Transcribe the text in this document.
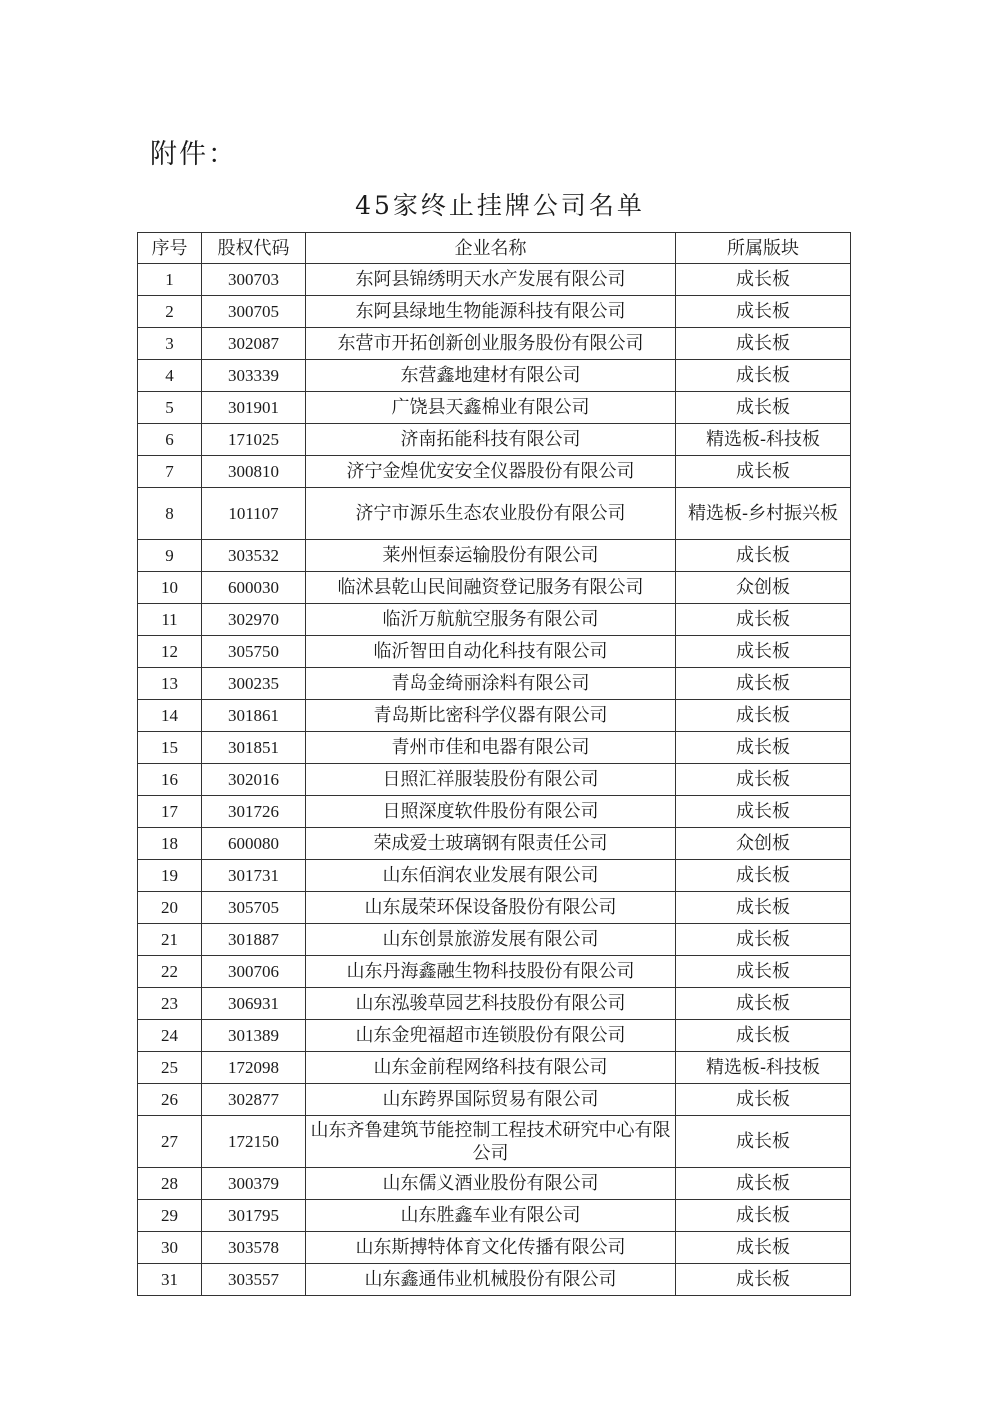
附件：
45家终止挂牌公司名单
序号	股权代码	企业名称	所属版块
1	300703	东阿县锦绣明天水产发展有限公司	成长板
2	300705	东阿县绿地生物能源科技有限公司	成长板
3	302087	东营市开拓创新创业服务股份有限公司	成长板
4	303339	东营鑫地建材有限公司	成长板
5	301901	广饶县天鑫棉业有限公司	成长板
6	171025	济南拓能科技有限公司	精选板-科技板
7	300810	济宁金煌优安安全仪器股份有限公司	成长板
8	101107	济宁市源乐生态农业股份有限公司	精选板-乡村振兴板
9	303532	莱州恒泰运输股份有限公司	成长板
10	600030	临沭县乾山民间融资登记服务有限公司	众创板
11	302970	临沂万航航空服务有限公司	成长板
12	305750	临沂智田自动化科技有限公司	成长板
13	300235	青岛金绮丽涂料有限公司	成长板
14	301861	青岛斯比密科学仪器有限公司	成长板
15	301851	青州市佳和电器有限公司	成长板
16	302016	日照汇祥服装股份有限公司	成长板
17	301726	日照深度软件股份有限公司	成长板
18	600080	荣成爱士玻璃钢有限责任公司	众创板
19	301731	山东佰润农业发展有限公司	成长板
20	305705	山东晟荣环保设备股份有限公司	成长板
21	301887	山东创景旅游发展有限公司	成长板
22	300706	山东丹海鑫融生物科技股份有限公司	成长板
23	306931	山东泓骏草园艺科技股份有限公司	成长板
24	301389	山东金兜福超市连锁股份有限公司	成长板
25	172098	山东金前程网络科技有限公司	精选板-科技板
26	302877	山东跨界国际贸易有限公司	成长板
27	172150	山东齐鲁建筑节能控制工程技术研究中心有限公司	成长板
28	300379	山东儒义酒业股份有限公司	成长板
29	301795	山东胜鑫车业有限公司	成长板
30	303578	山东斯搏特体育文化传播有限公司	成长板
31	303557	山东鑫通伟业机械股份有限公司	成长板
